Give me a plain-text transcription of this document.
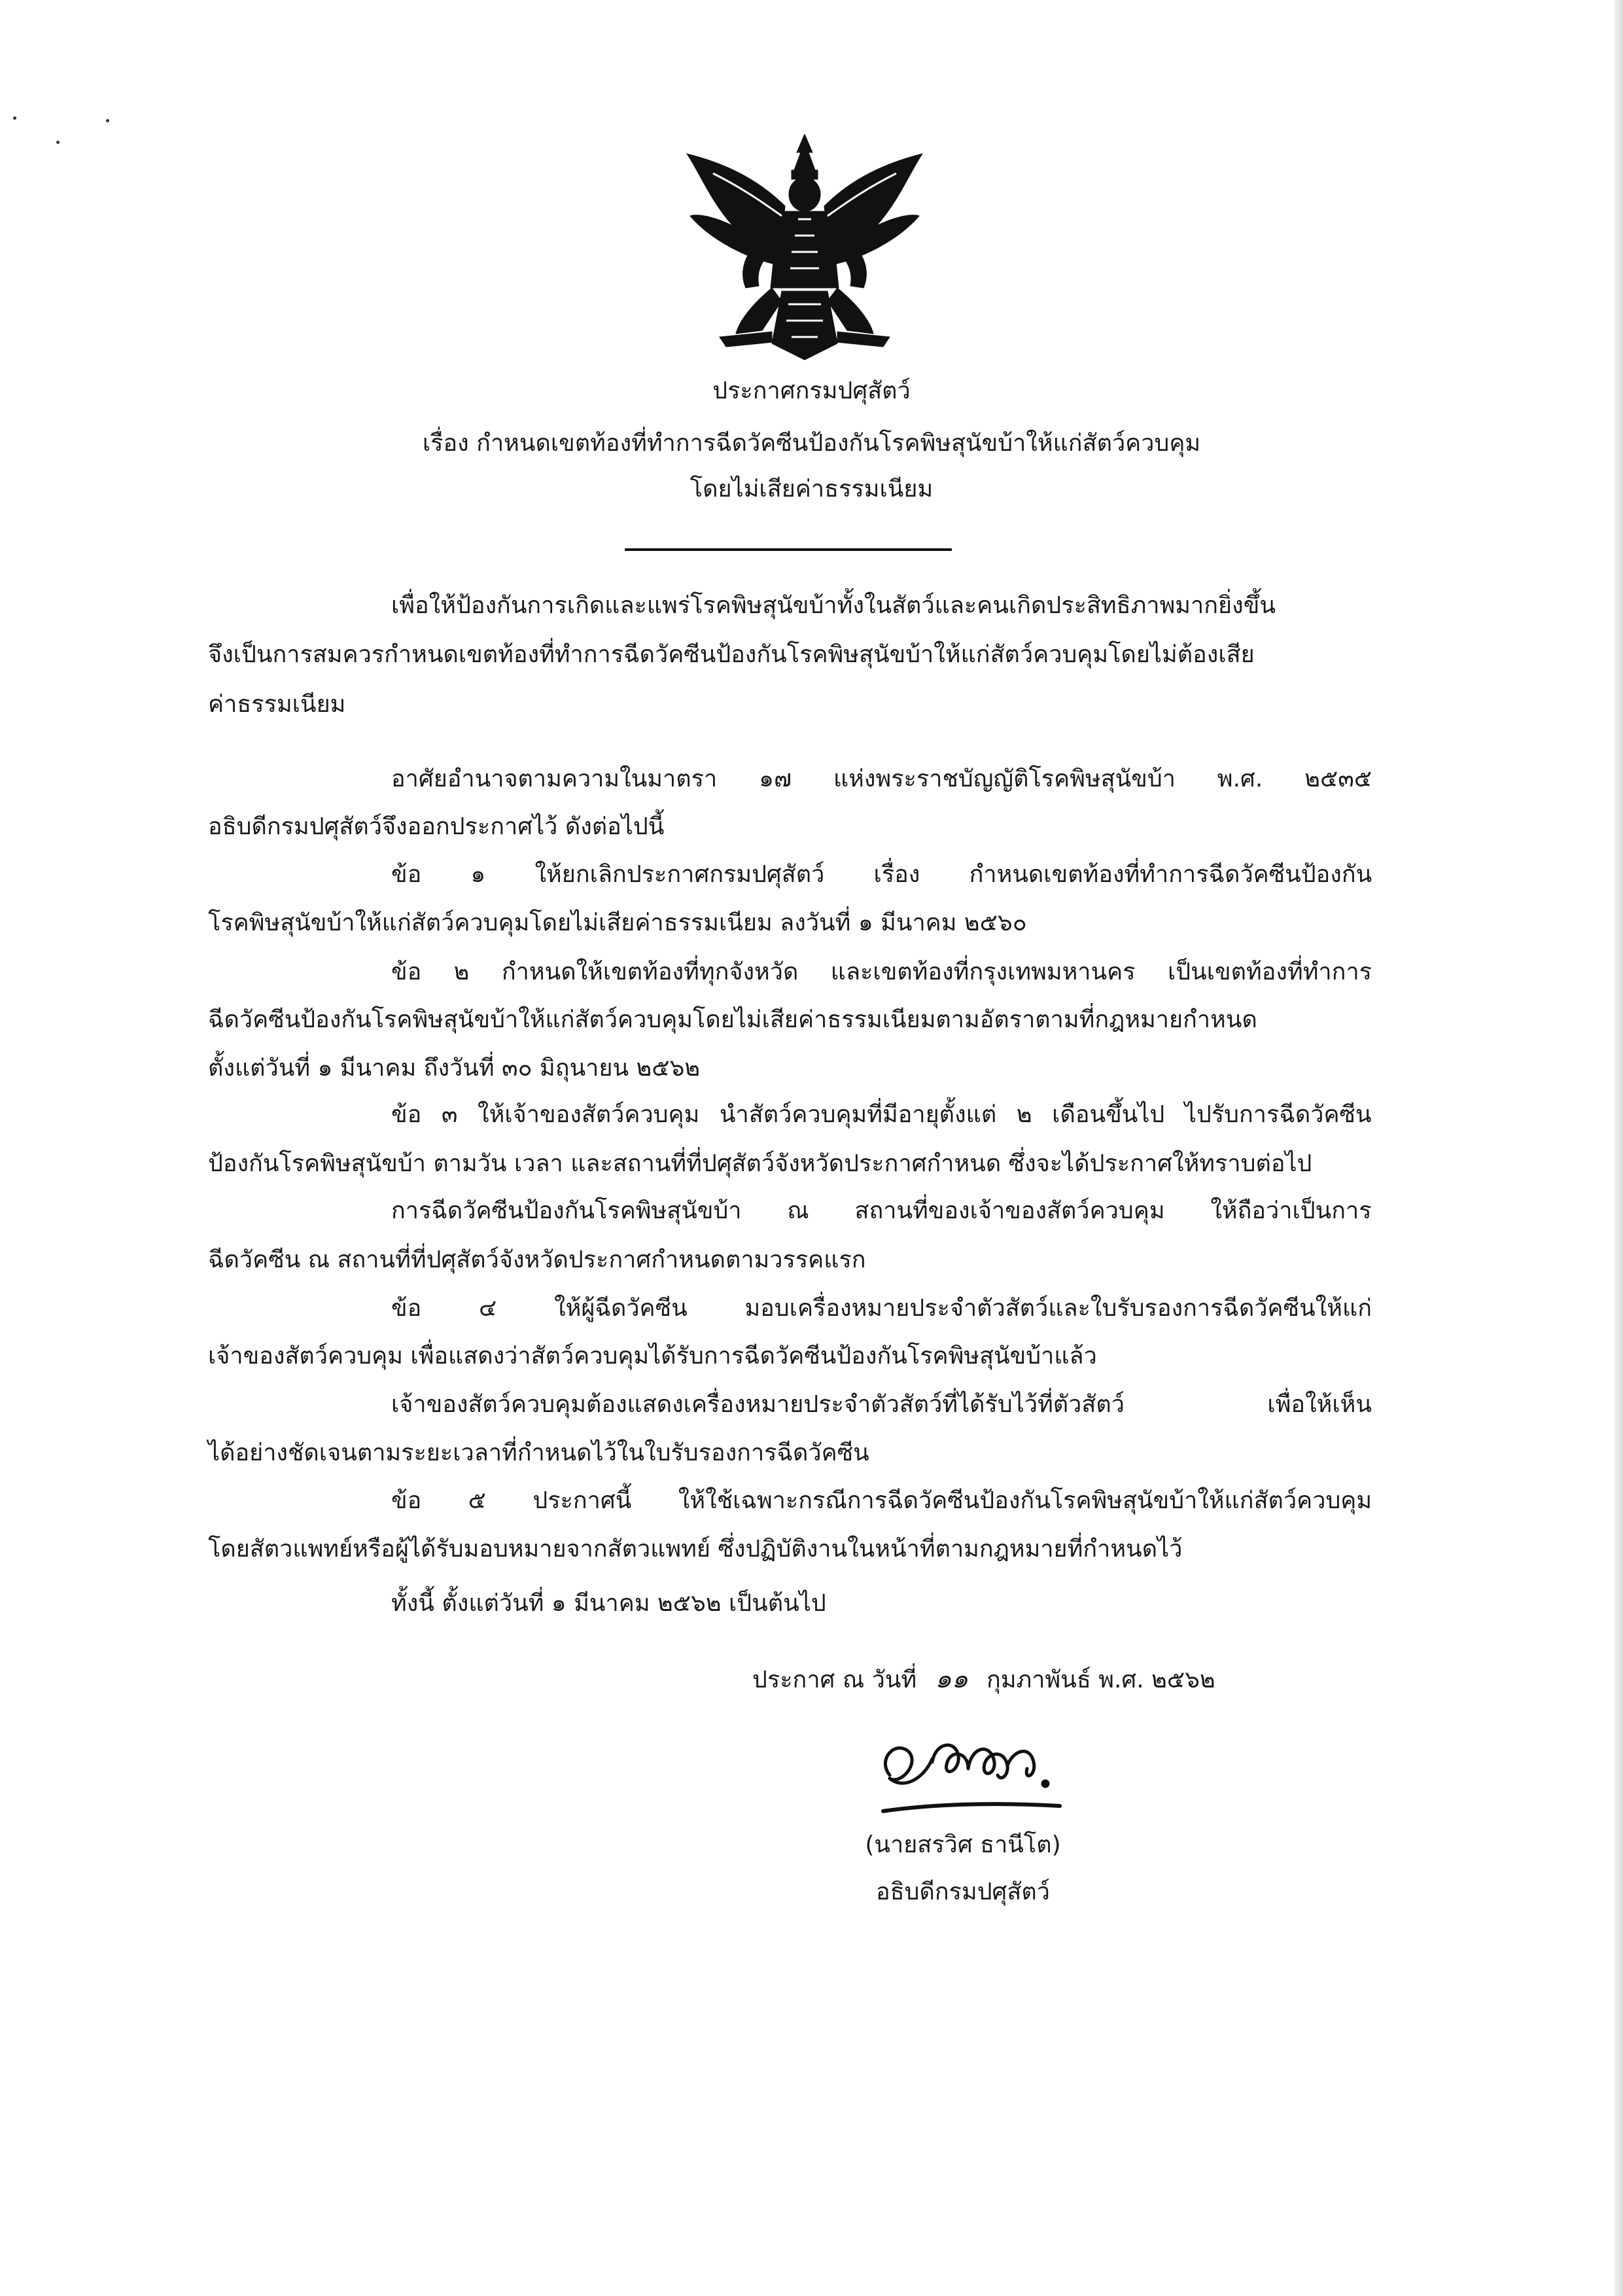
ประกาศกรมปศุสัตว์
เรื่อง กำหนดเขตท้องที่ทำการฉีดวัคซีนป้องกันโรคพิษสุนัขบ้าให้แก่สัตว์ควบคุม
โดยไม่เสียค่าธรรมเนียม
เพื่อให้ป้องกันการเกิดและแพร่โรคพิษสุนัขบ้าทั้งในสัตว์และคนเกิดประสิทธิภาพมากยิ่งขึ้น
จึงเป็นการสมควรกำหนดเขตท้องที่ทำการฉีดวัคซีนป้องกันโรคพิษสุนัขบ้าให้แก่สัตว์ควบคุมโดยไม่ต้องเสีย
ค่าธรรมเนียม
อาศัยอำนาจตามความในมาตรา ๑๗ แห่งพระราชบัญญัติโรคพิษสุนัขบ้า พ.ศ. ๒๕๓๕
อธิบดีกรมปศุสัตว์จึงออกประกาศไว้ ดังต่อไปนี้
ข้อ ๑ ให้ยกเลิกประกาศกรมปศุสัตว์ เรื่อง กำหนดเขตท้องที่ทำการฉีดวัคซีนป้องกัน
โรคพิษสุนัขบ้าให้แก่สัตว์ควบคุมโดยไม่เสียค่าธรรมเนียม ลงวันที่ ๑ มีนาคม ๒๕๖๐
ข้อ ๒ กำหนดให้เขตท้องที่ทุกจังหวัด และเขตท้องที่กรุงเทพมหานคร เป็นเขตท้องที่ทำการ
ฉีดวัคซีนป้องกันโรคพิษสุนัขบ้าให้แก่สัตว์ควบคุมโดยไม่เสียค่าธรรมเนียมตามอัตราตามที่กฎหมายกำหนด
ตั้งแต่วันที่ ๑ มีนาคม ถึงวันที่ ๓๐ มิถุนายน ๒๕๖๒
ข้อ ๓ ให้เจ้าของสัตว์ควบคุม นำสัตว์ควบคุมที่มีอายุตั้งแต่ ๒ เดือนขึ้นไป ไปรับการฉีดวัคซีน
ป้องกันโรคพิษสุนัขบ้า ตามวัน เวลา และสถานที่ที่ปศุสัตว์จังหวัดประกาศกำหนด ซึ่งจะได้ประกาศให้ทราบต่อไป
การฉีดวัคซีนป้องกันโรคพิษสุนัขบ้า ณ สถานที่ของเจ้าของสัตว์ควบคุม ให้ถือว่าเป็นการ
ฉีดวัคซีน ณ สถานที่ที่ปศุสัตว์จังหวัดประกาศกำหนดตามวรรคแรก
ข้อ ๔ ให้ผู้ฉีดวัคซีน มอบเครื่องหมายประจำตัวสัตว์และใบรับรองการฉีดวัคซีนให้แก่
เจ้าของสัตว์ควบคุม เพื่อแสดงว่าสัตว์ควบคุมได้รับการฉีดวัคซีนป้องกันโรคพิษสุนัขบ้าแล้ว
เจ้าของสัตว์ควบคุมต้องแสดงเครื่องหมายประจำตัวสัตว์ที่ได้รับไว้ที่ตัวสัตว์ เพื่อให้เห็น
ได้อย่างชัดเจนตามระยะเวลาที่กำหนดไว้ในใบรับรองการฉีดวัคซีน
ข้อ ๕ ประกาศนี้ ให้ใช้เฉพาะกรณีการฉีดวัคซีนป้องกันโรคพิษสุนัขบ้าให้แก่สัตว์ควบคุม
โดยสัตวแพทย์หรือผู้ได้รับมอบหมายจากสัตวแพทย์ ซึ่งปฏิบัติงานในหน้าที่ตามกฎหมายที่กำหนดไว้
ทั้งนี้ ตั้งแต่วันที่ ๑ มีนาคม ๒๕๖๒ เป็นต้นไป
ประกาศ ณ วันที่ ๑๑ กุมภาพันธ์ พ.ศ. ๒๕๖๒
(นายสรวิศ ธานีโต)
อธิบดีกรมปศุสัตว์
